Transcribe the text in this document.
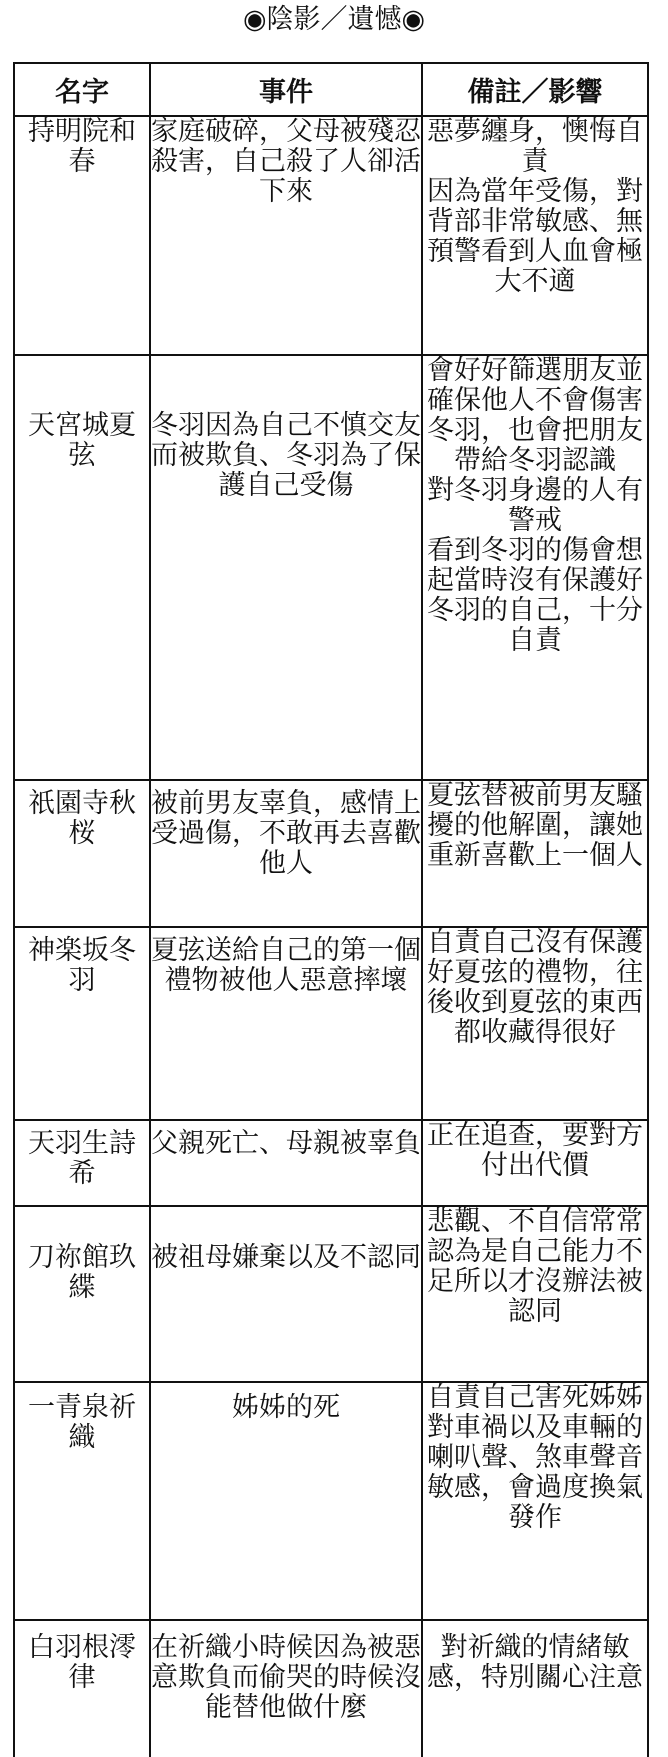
◉陰影／遺憾◉
名字	事件	備註／影響
持明院和春	家庭破碎，父母被殘忍殺害，自己殺了人卻活下來	惡夢纏身，懊悔自責
因為當年受傷，對背部非常敏感、無預警看到人血會極大不適

天宮城夏弦	冬羽因為自己不慎交友而被欺負、冬羽為了保護自己受傷	會好好篩選朋友並確保他人不會傷害冬羽，也會把朋友帶給冬羽認識
對冬羽身邊的人有警戒
看到冬羽的傷會想起當時沒有保護好冬羽的自己，十分自責

祇園寺秋桜	被前男友辜負，感情上受過傷，不敢再去喜歡他人	夏弦替被前男友騷擾的他解圍，讓她重新喜歡上一個人

神楽坂冬羽	夏弦送給自己的第一個禮物被他人惡意摔壞	自責自己沒有保護好夏弦的禮物，往後收到夏弦的東西都收藏得很好

天羽生詩希	父親死亡、母親被辜負	正在追查，要對方付出代價

刀祢館玖緤	被祖母嫌棄以及不認同	悲觀、不自信常常認為是自己能力不足所以才沒辦法被認同

一青泉祈織	姊姊的死	自責自己害死姊姊
對車禍以及車輛的喇叭聲、煞車聲音敏感，會過度換氣發作

白羽根澪律	在祈織小時候因為被惡意欺負而偷哭的時候沒能替他做什麼	對祈織的情緒敏感，特別關心注意
